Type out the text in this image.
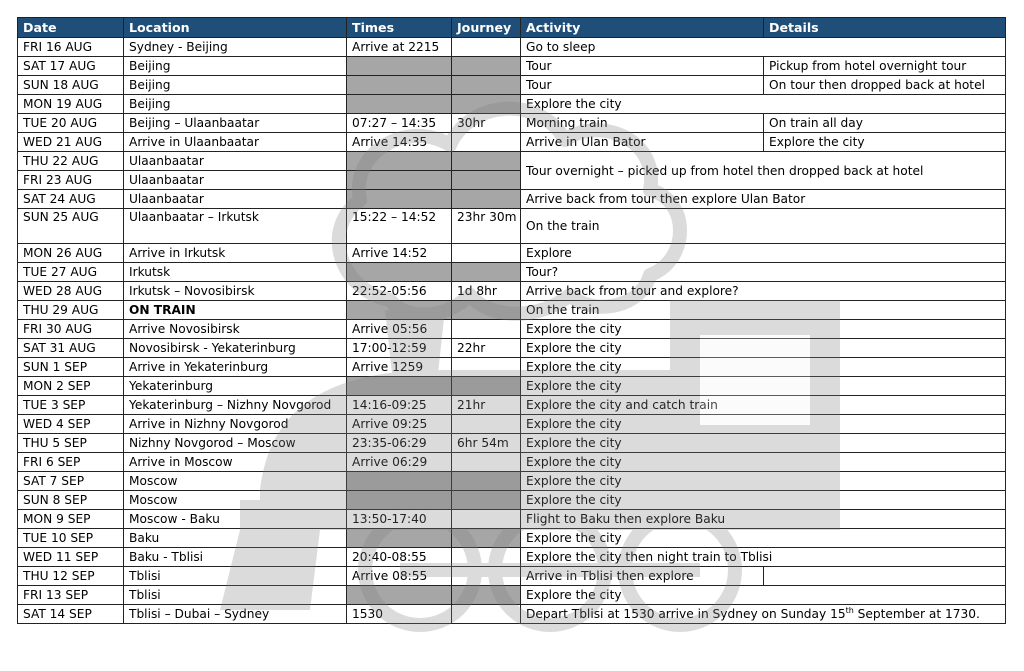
Date	Location	Times	Journey	Activity	Details
FRI 16 AUG	Sydney - Beijing	Arrive at 2215		Go to sleep	
SAT 17 AUG	Beijing			Tour	Pickup from hotel overnight tour
SUN 18 AUG	Beijing			Tour	On tour then dropped back at hotel
MON 19 AUG	Beijing			Explore the city	
TUE 20 AUG	Beijing – Ulaanbaatar	07:27 – 14:35	30hr	Morning train	On train all day
WED 21 AUG	Arrive in Ulaanbaatar	Arrive 14:35		Arrive in Ulan Bator	Explore the city
THU 22 AUG	Ulaanbaatar			Tour overnight – picked up from hotel then dropped back at hotel	
FRI 23 AUG	Ulaanbaatar				
SAT 24 AUG	Ulaanbaatar			Arrive back from tour then explore Ulan Bator	
SUN 25 AUG	Ulaanbaatar – Irkutsk	15:22 – 14:52	23hr 30m	On the train	
MON 26 AUG	Arrive in Irkutsk	Arrive 14:52		Explore	
TUE 27 AUG	Irkutsk			Tour?	
WED 28 AUG	Irkutsk – Novosibirsk	22:52-05:56	1d 8hr	Arrive back from tour and explore?	
THU 29 AUG	ON TRAIN			On the train	
FRI 30 AUG	Arrive Novosibirsk	Arrive 05:56		Explore the city	
SAT 31 AUG	Novosibirsk - Yekaterinburg	17:00-12:59	22hr	Explore the city	
SUN 1 SEP	Arrive in Yekaterinburg	Arrive 1259		Explore the city	
MON 2 SEP	Yekaterinburg			Explore the city	
TUE 3 SEP	Yekaterinburg – Nizhny Novgorod	14:16-09:25	21hr	Explore the city and catch train	
WED 4 SEP	Arrive in Nizhny Novgorod	Arrive 09:25		Explore the city	
THU 5 SEP	Nizhny Novgorod – Moscow	23:35-06:29	6hr 54m	Explore the city	
FRI 6 SEP	Arrive in Moscow	Arrive 06:29		Explore the city	
SAT 7 SEP	Moscow			Explore the city	
SUN 8 SEP	Moscow			Explore the city	
MON 9 SEP	Moscow - Baku	13:50-17:40		Flight to Baku then explore Baku	
TUE 10 SEP	Baku			Explore the city	
WED 11 SEP	Baku - Tblisi	20:40-08:55		Explore the city then night train to Tblisi	
THU 12 SEP	Tblisi	Arrive 08:55		Arrive in Tblisi then explore	
FRI 13 SEP	Tblisi			Explore the city	
SAT 14 SEP	Tblisi – Dubai – Sydney	1530		Depart Tblisi at 1530 arrive in Sydney on Sunday 15th September at 1730.	
